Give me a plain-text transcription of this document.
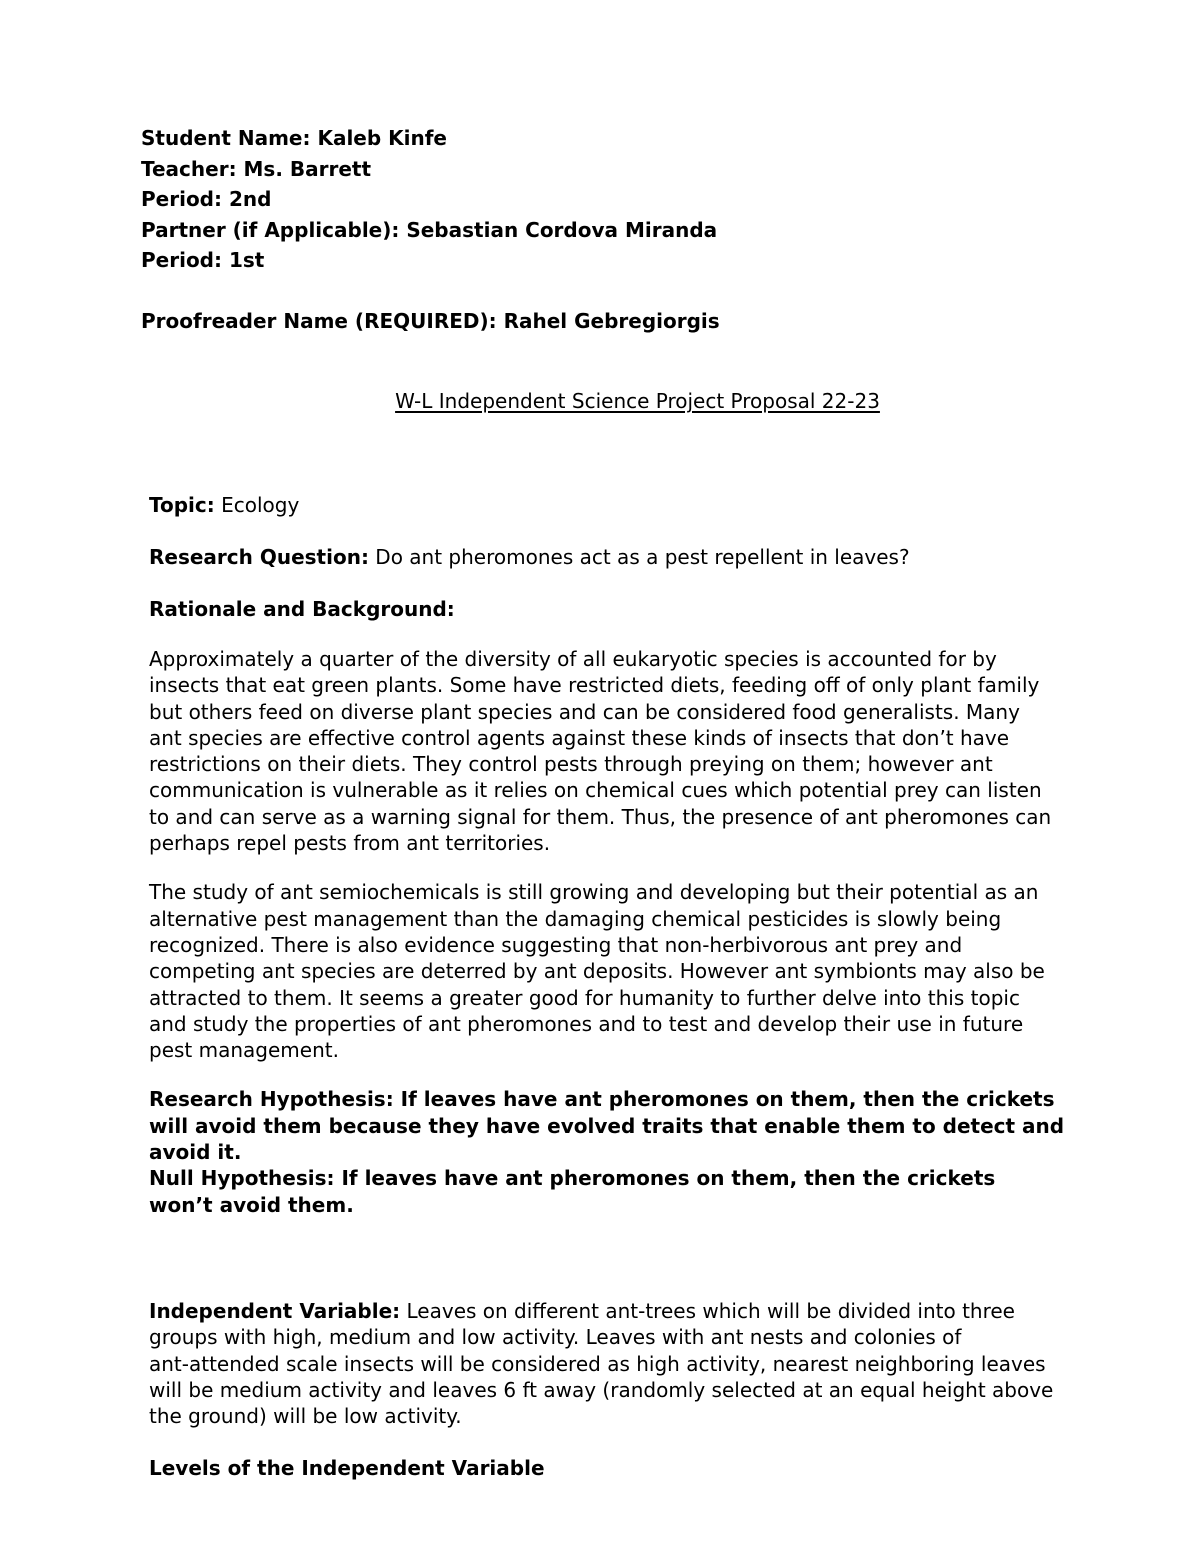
Student Name: Kaleb Kinfe
Teacher: Ms. Barrett
Period: 2nd
Partner (if Applicable): Sebastian Cordova Miranda
Period: 1st
Proofreader Name (REQUIRED): Rahel Gebregiorgis
W-L Independent Science Project Proposal 22-23
Topic: Ecology
Research Question: Do ant pheromones act as a pest repellent in leaves?
Rationale and Background:
Approximately a quarter of the diversity of all eukaryotic species is accounted for by
insects that eat green plants. Some have restricted diets, feeding off of only plant family
but others feed on diverse plant species and can be considered food generalists. Many
ant species are effective control agents against these kinds of insects that don’t have
restrictions on their diets. They control pests through preying on them; however ant
communication is vulnerable as it relies on chemical cues which potential prey can listen
to and can serve as a warning signal for them. Thus, the presence of ant pheromones can
perhaps repel pests from ant territories.
The study of ant semiochemicals is still growing and developing but their potential as an
alternative pest management than the damaging chemical pesticides is slowly being
recognized. There is also evidence suggesting that non-herbivorous ant prey and
competing ant species are deterred by ant deposits. However ant symbionts may also be
attracted to them. It seems a greater good for humanity to further delve into this topic
and study the properties of ant pheromones and to test and develop their use in future
pest management.
Research Hypothesis: If leaves have ant pheromones on them, then the crickets
will avoid them because they have evolved traits that enable them to detect and
avoid it.
Null Hypothesis: If leaves have ant pheromones on them, then the crickets
won’t avoid them.
Independent Variable: Leaves on different ant-trees which will be divided into three
groups with high, medium and low activity. Leaves with ant nests and colonies of
ant-attended scale insects will be considered as high activity, nearest neighboring leaves
will be medium activity and leaves 6 ft away (randomly selected at an equal height above
the ground) will be low activity.
Levels of the Independent Variable
